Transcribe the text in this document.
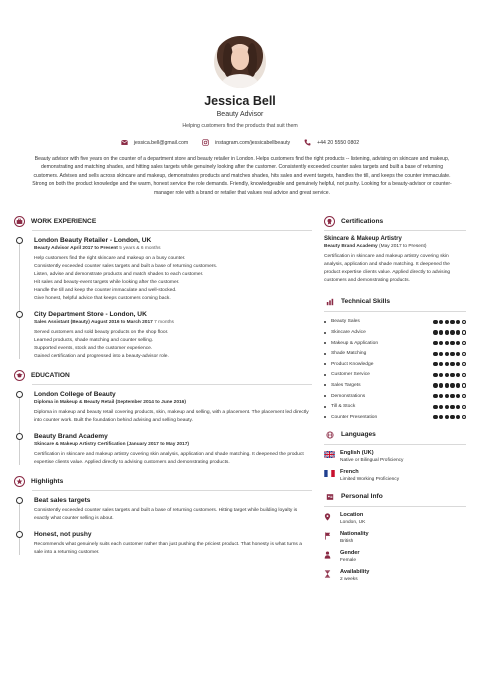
Jessica Bell
Beauty Advisor
Helping customers find the products that suit them
jessica.bell@gmail.com	instagram.com/jessicabellbeauty	+44 20 5550 0802
Beauty advisor with five years on the counter of a department store and beauty retailer in London. Helps customers find the right products -- listening, advising on skincare and makeup, demonstrating and matching shades, and hitting sales targets while genuinely looking after the customer. Consistently exceeded counter sales targets and built a base of returning customers. Advises and sells across skincare and makeup, demonstrates products and matches shades, hits sales and event targets, handles the till, and keeps the counter immaculate. Strong on both the product knowledge and the warm, honest service the role demands. Friendly, knowledgeable and genuinely helpful, not pushy. Looking for a beauty-advisor or counter-manager role with a brand or retailer that values real advice and great service.
WORK EXPERIENCE
London Beauty Retailer - London, UK
Beauty Advisor April 2017 to Present 5 years & 6 months
Help customers find the right skincare and makeup on a busy counter.
Consistently exceeded counter sales targets and built a base of returning customers.
Listen, advise and demonstrate products and match shades to each customer.
Hit sales and beauty-event targets while looking after the customer.
Handle the till and keep the counter immaculate and well-stocked.
Give honest, helpful advice that keeps customers coming back.
City Department Store - London, UK
Sales Assistant (Beauty) August 2016 to March 2017 7 months
Served customers and sold beauty products on the shop floor.
Learned products, shade matching and counter selling.
Supported events, stock and the customer experience.
Gained certification and progressed into a beauty-advisor role.
EDUCATION
London College of Beauty
Diploma in Makeup & Beauty Retail (September 2014 to June 2016)
Diploma in makeup and beauty retail covering products, skin, makeup and selling, with a placement. The placement led directly into counter work. Built the foundation behind advising and selling beauty.
Beauty Brand Academy
Skincare & Makeup Artistry Certification (January 2017 to May 2017)
Certification in skincare and makeup artistry covering skin analysis, application and shade matching. It deepened the product expertise clients value. Applied directly to advising customers and demonstrating products.
Highlights
Beat sales targets
Consistently exceeded counter sales targets and built a base of returning customers. Hitting target while building loyalty is exactly what counter selling is about.
Honest, not pushy
Recommends what genuinely suits each customer rather than just pushing the priciest product. That honesty is what turns a sale into a returning customer.
Certifications
Skincare & Makeup Artistry
Beauty Brand Academy (May 2017 to Present)
Certification in skincare and makeup artistry covering skin analysis, application and shade matching. It deepened the product expertise clients value. Applied directly to advising customers and demonstrating products.
Technical Skills
Beauty Sales
Skincare Advice
Makeup & Application
Shade Matching
Product Knowledge
Customer Service
Sales Targets
Demonstrations
Till & Stock
Counter Presentation
Languages
English (UK)
Native or Bilingual Proficiency
French
Limited Working Proficiency
Personal Info
Location
London, UK
Nationality
British
Gender
Female
Availability
2 weeks
